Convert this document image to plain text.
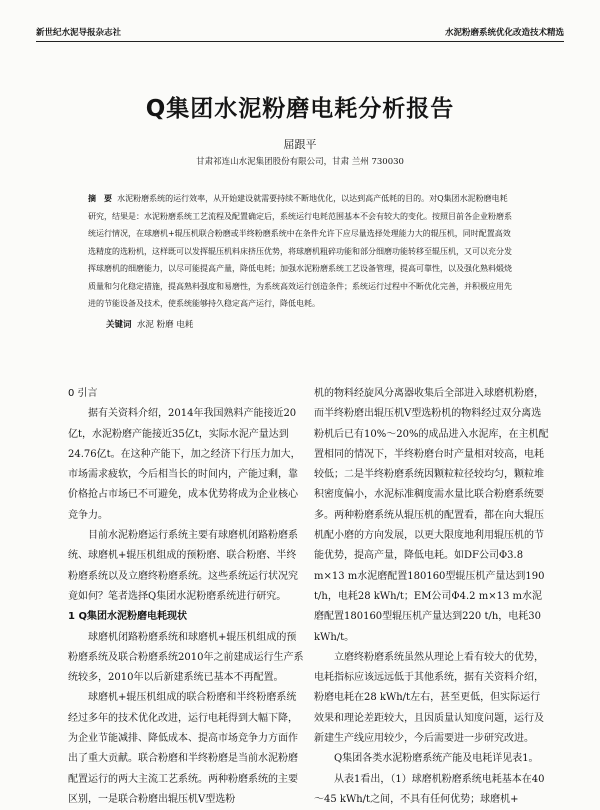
新世纪水泥导报杂志社	水泥粉磨系统优化改造技术精选
Q集团水泥粉磨电耗分析报告
屈跟平
甘肃祁连山水泥集团股份有限公司，甘肃 兰州 730030
摘　要 水泥粉磨系统的运行效率，从开始建设就需要持续不断地优化，以达到高产低耗的目的。对Q集团水泥粉磨电耗研究，结果是：水泥粉磨系统工艺流程及配置确定后，系统运行电耗范围基本不会有较大的变化。按照目前各企业粉磨系统运行情况，在球磨机+辊压机联合粉磨或半终粉磨系统中在条件允许下应尽量选择处理能力大的辊压机，同时配置高效选精度的选粉机，这样既可以发挥辊压机料床挤压优势，将球磨机粗碎功能和部分细磨功能转移至辊压机，又可以充分发挥球磨机的细磨能力，以尽可能提高产量，降低电耗；加强水泥粉磨系统工艺设备管理，提高可靠性，以及强化熟料煅烧质量和匀化稳定措施，提高熟料强度和易磨性，为系统高效运行创造条件；系统运行过程中不断优化完善，并积极应用先进的节能设备及技术，使系统能够持久稳定高产运行，降低电耗。
关键词 水泥 粉磨 电耗

0 引言

据有关资料介绍，2014年我国熟料产能接近20亿t，水泥粉磨产能接近35亿t，实际水泥产量达到24.76亿t。在这种产能下，加之经济下行压力加大，市场需求疲软，今后相当长的时间内，产能过剩，靠价格抢占市场已不可避免，成本优势将成为企业核心竞争力。

目前水泥粉磨运行系统主要有球磨机闭路粉磨系统、球磨机+辊压机组成的预粉磨、联合粉磨、半终粉磨系统以及立磨终粉磨系统。这些系统运行状况究竟如何？笔者选择Q集团水泥粉磨系统进行研究。

1 Q集团水泥粉磨电耗现状

球磨机闭路粉磨系统和球磨机+辊压机组成的预粉磨系统及联合粉磨系统2010年之前建成运行生产系统较多，2010年以后新建系统已基本不再配置。

球磨机+辊压机组成的联合粉磨和半终粉磨系统经过多年的技术优化改进，运行电耗得到大幅下降，为企业节能减排、降低成本、提高市场竞争力方面作出了重大贡献。联合粉磨和半终粉磨是当前水泥粉磨配置运行的两大主流工艺系统。两种粉磨系统的主要区别，一是联合粉磨出辊压机V型选粉

机的物料经旋风分离器收集后全部进入球磨机粉磨，而半终粉磨出辊压机V型选粉机的物料经过双分离选粉机后已有10%～20%的成品进入水泥库，在主机配置相同的情况下，半终粉磨台时产量相对较高，电耗较低；二是半终粉磨系统因颗粒粒径较均匀，颗粒堆积密度偏小，水泥标准稠度需水量比联合粉磨系统要多。两种粉磨系统从辊压机的配置看，都在向大辊压机配小磨的方向发展，以更大限度地利用辊压机的节能优势，提高产量，降低电耗。如DF公司Φ3.8 m×13 m水泥磨配置180160型辊压机产量达到190 t/h，电耗28 kWh/t；EM公司Φ4.2 m×13 m水泥磨配置180160型辊压机产量达到220 t/h，电耗30 kWh/t。

立磨终粉磨系统虽然从理论上看有较大的优势，电耗指标应该远远低于其他系统，据有关资料介绍，粉磨电耗在28 kWh/t左右，甚至更低，但实际运行效果和理论差距较大，且因质量认知度问题，运行及新建生产线应用较少，今后需要进一步研究改进。

Q集团各类水泥粉磨系统产能及电耗详见表1。

从表1看出，（1）球磨机粉磨系统电耗基本在40～45 kWh/t之间，不具有任何优势；球磨机+
